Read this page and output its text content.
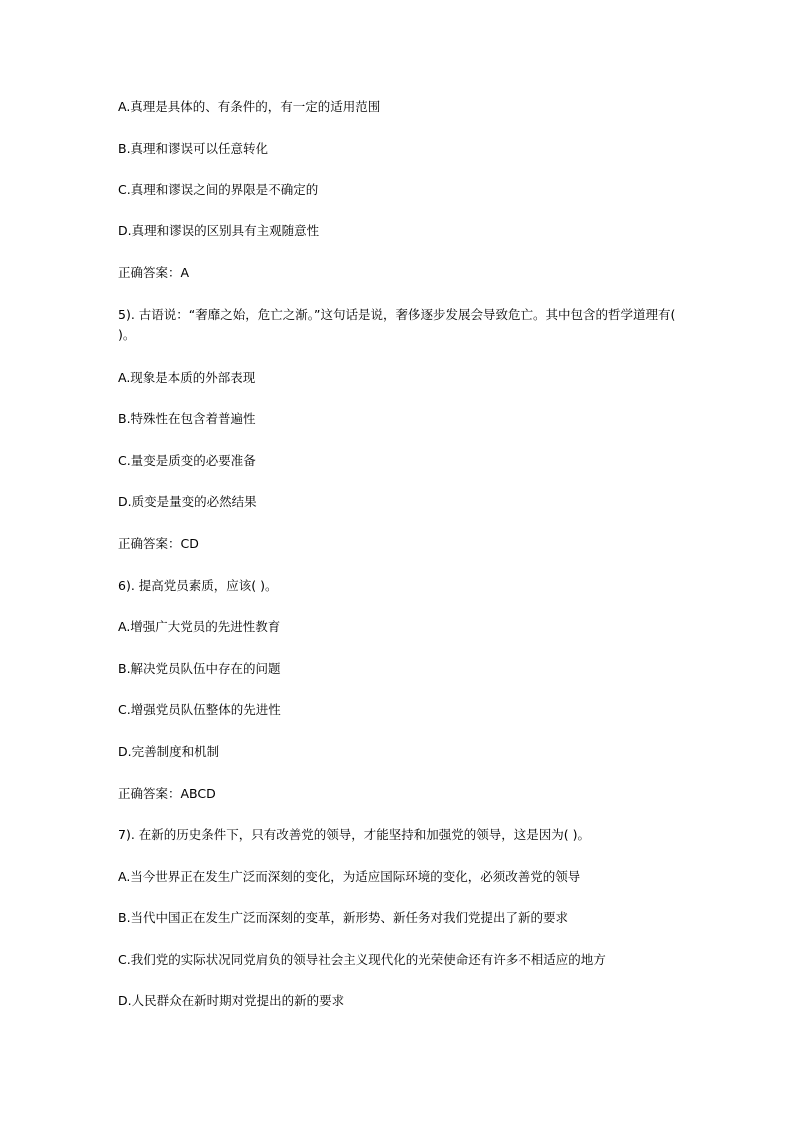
A.真理是具体的、有条件的，有一定的适用范围
B.真理和谬误可以任意转化
C.真理和谬误之间的界限是不确定的
D.真理和谬误的区别具有主观随意性
正确答案：A
5). 古语说：“奢靡之始，危亡之渐。”这句话是说，奢侈逐步发展会导致危亡。其中包含的哲学道理有( )。
A.现象是本质的外部表现
B.特殊性在包含着普遍性
C.量变是质变的必要准备
D.质变是量变的必然结果
正确答案：CD
6). 提高党员素质，应该( )。
A.增强广大党员的先进性教育
B.解决党员队伍中存在的问题
C.增强党员队伍整体的先进性
D.完善制度和机制
正确答案：ABCD
7). 在新的历史条件下，只有改善党的领导，才能坚持和加强党的领导，这是因为( )。
A.当今世界正在发生广泛而深刻的变化，为适应国际环境的变化，必须改善党的领导
B.当代中国正在发生广泛而深刻的变革，新形势、新任务对我们党提出了新的要求
C.我们党的实际状况同党肩负的领导社会主义现代化的光荣使命还有许多不相适应的地方
D.人民群众在新时期对党提出的新的要求
